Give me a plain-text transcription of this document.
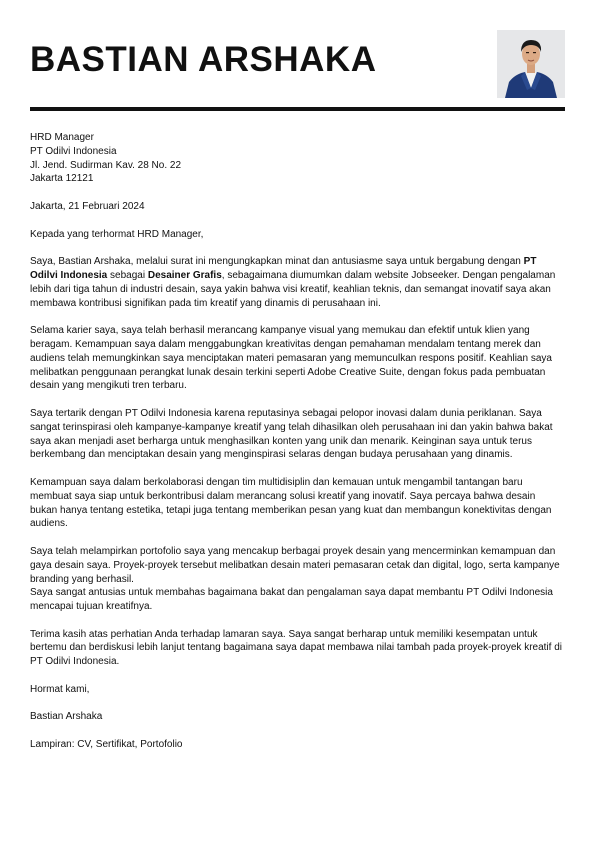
BASTIAN ARSHAKA

HRD Manager
PT Odilvi Indonesia
Jl. Jend. Sudirman Kav. 28 No. 22
Jakarta 12121

Jakarta, 21 Februari 2024

Kepada yang terhormat HRD Manager,

Saya, Bastian Arshaka, melalui surat ini mengungkapkan minat dan antusiasme saya untuk bergabung dengan PT Odilvi Indonesia sebagai Desainer Grafis, sebagaimana diumumkan dalam website Jobseeker. Dengan pengalaman lebih dari tiga tahun di industri desain, saya yakin bahwa visi kreatif, keahlian teknis, dan semangat inovatif saya akan membawa kontribusi signifikan pada tim kreatif yang dinamis di perusahaan ini.

Selama karier saya, saya telah berhasil merancang kampanye visual yang memukau dan efektif untuk klien yang beragam. Kemampuan saya dalam menggabungkan kreativitas dengan pemahaman mendalam tentang merek dan audiens telah memungkinkan saya menciptakan materi pemasaran yang memunculkan respons positif. Keahlian saya melibatkan penggunaan perangkat lunak desain terkini seperti Adobe Creative Suite, dengan fokus pada pembuatan desain yang mengikuti tren terbaru.

Saya tertarik dengan PT Odilvi Indonesia karena reputasinya sebagai pelopor inovasi dalam dunia periklanan. Saya sangat terinspirasi oleh kampanye-kampanye kreatif yang telah dihasilkan oleh perusahaan ini dan yakin bahwa bakat saya akan menjadi aset berharga untuk menghasilkan konten yang unik dan menarik. Keinginan saya untuk terus berkembang dan menciptakan desain yang menginspirasi selaras dengan budaya perusahaan yang dinamis.

Kemampuan saya dalam berkolaborasi dengan tim multidisiplin dan kemauan untuk mengambil tantangan baru membuat saya siap untuk berkontribusi dalam merancang solusi kreatif yang inovatif. Saya percaya bahwa desain bukan hanya tentang estetika, tetapi juga tentang memberikan pesan yang kuat dan membangun konektivitas dengan audiens.

Saya telah melampirkan portofolio saya yang mencakup berbagai proyek desain yang mencerminkan kemampuan dan gaya desain saya. Proyek-proyek tersebut melibatkan desain materi pemasaran cetak dan digital, logo, serta kampanye branding yang berhasil.
Saya sangat antusias untuk membahas bagaimana bakat dan pengalaman saya dapat membantu PT Odilvi Indonesia mencapai tujuan kreatifnya.

Terima kasih atas perhatian Anda terhadap lamaran saya. Saya sangat berharap untuk memiliki kesempatan untuk bertemu dan berdiskusi lebih lanjut tentang bagaimana saya dapat membawa nilai tambah pada proyek-proyek kreatif di PT Odilvi Indonesia.

Hormat kami,

Bastian Arshaka

Lampiran: CV, Sertifikat, Portofolio
